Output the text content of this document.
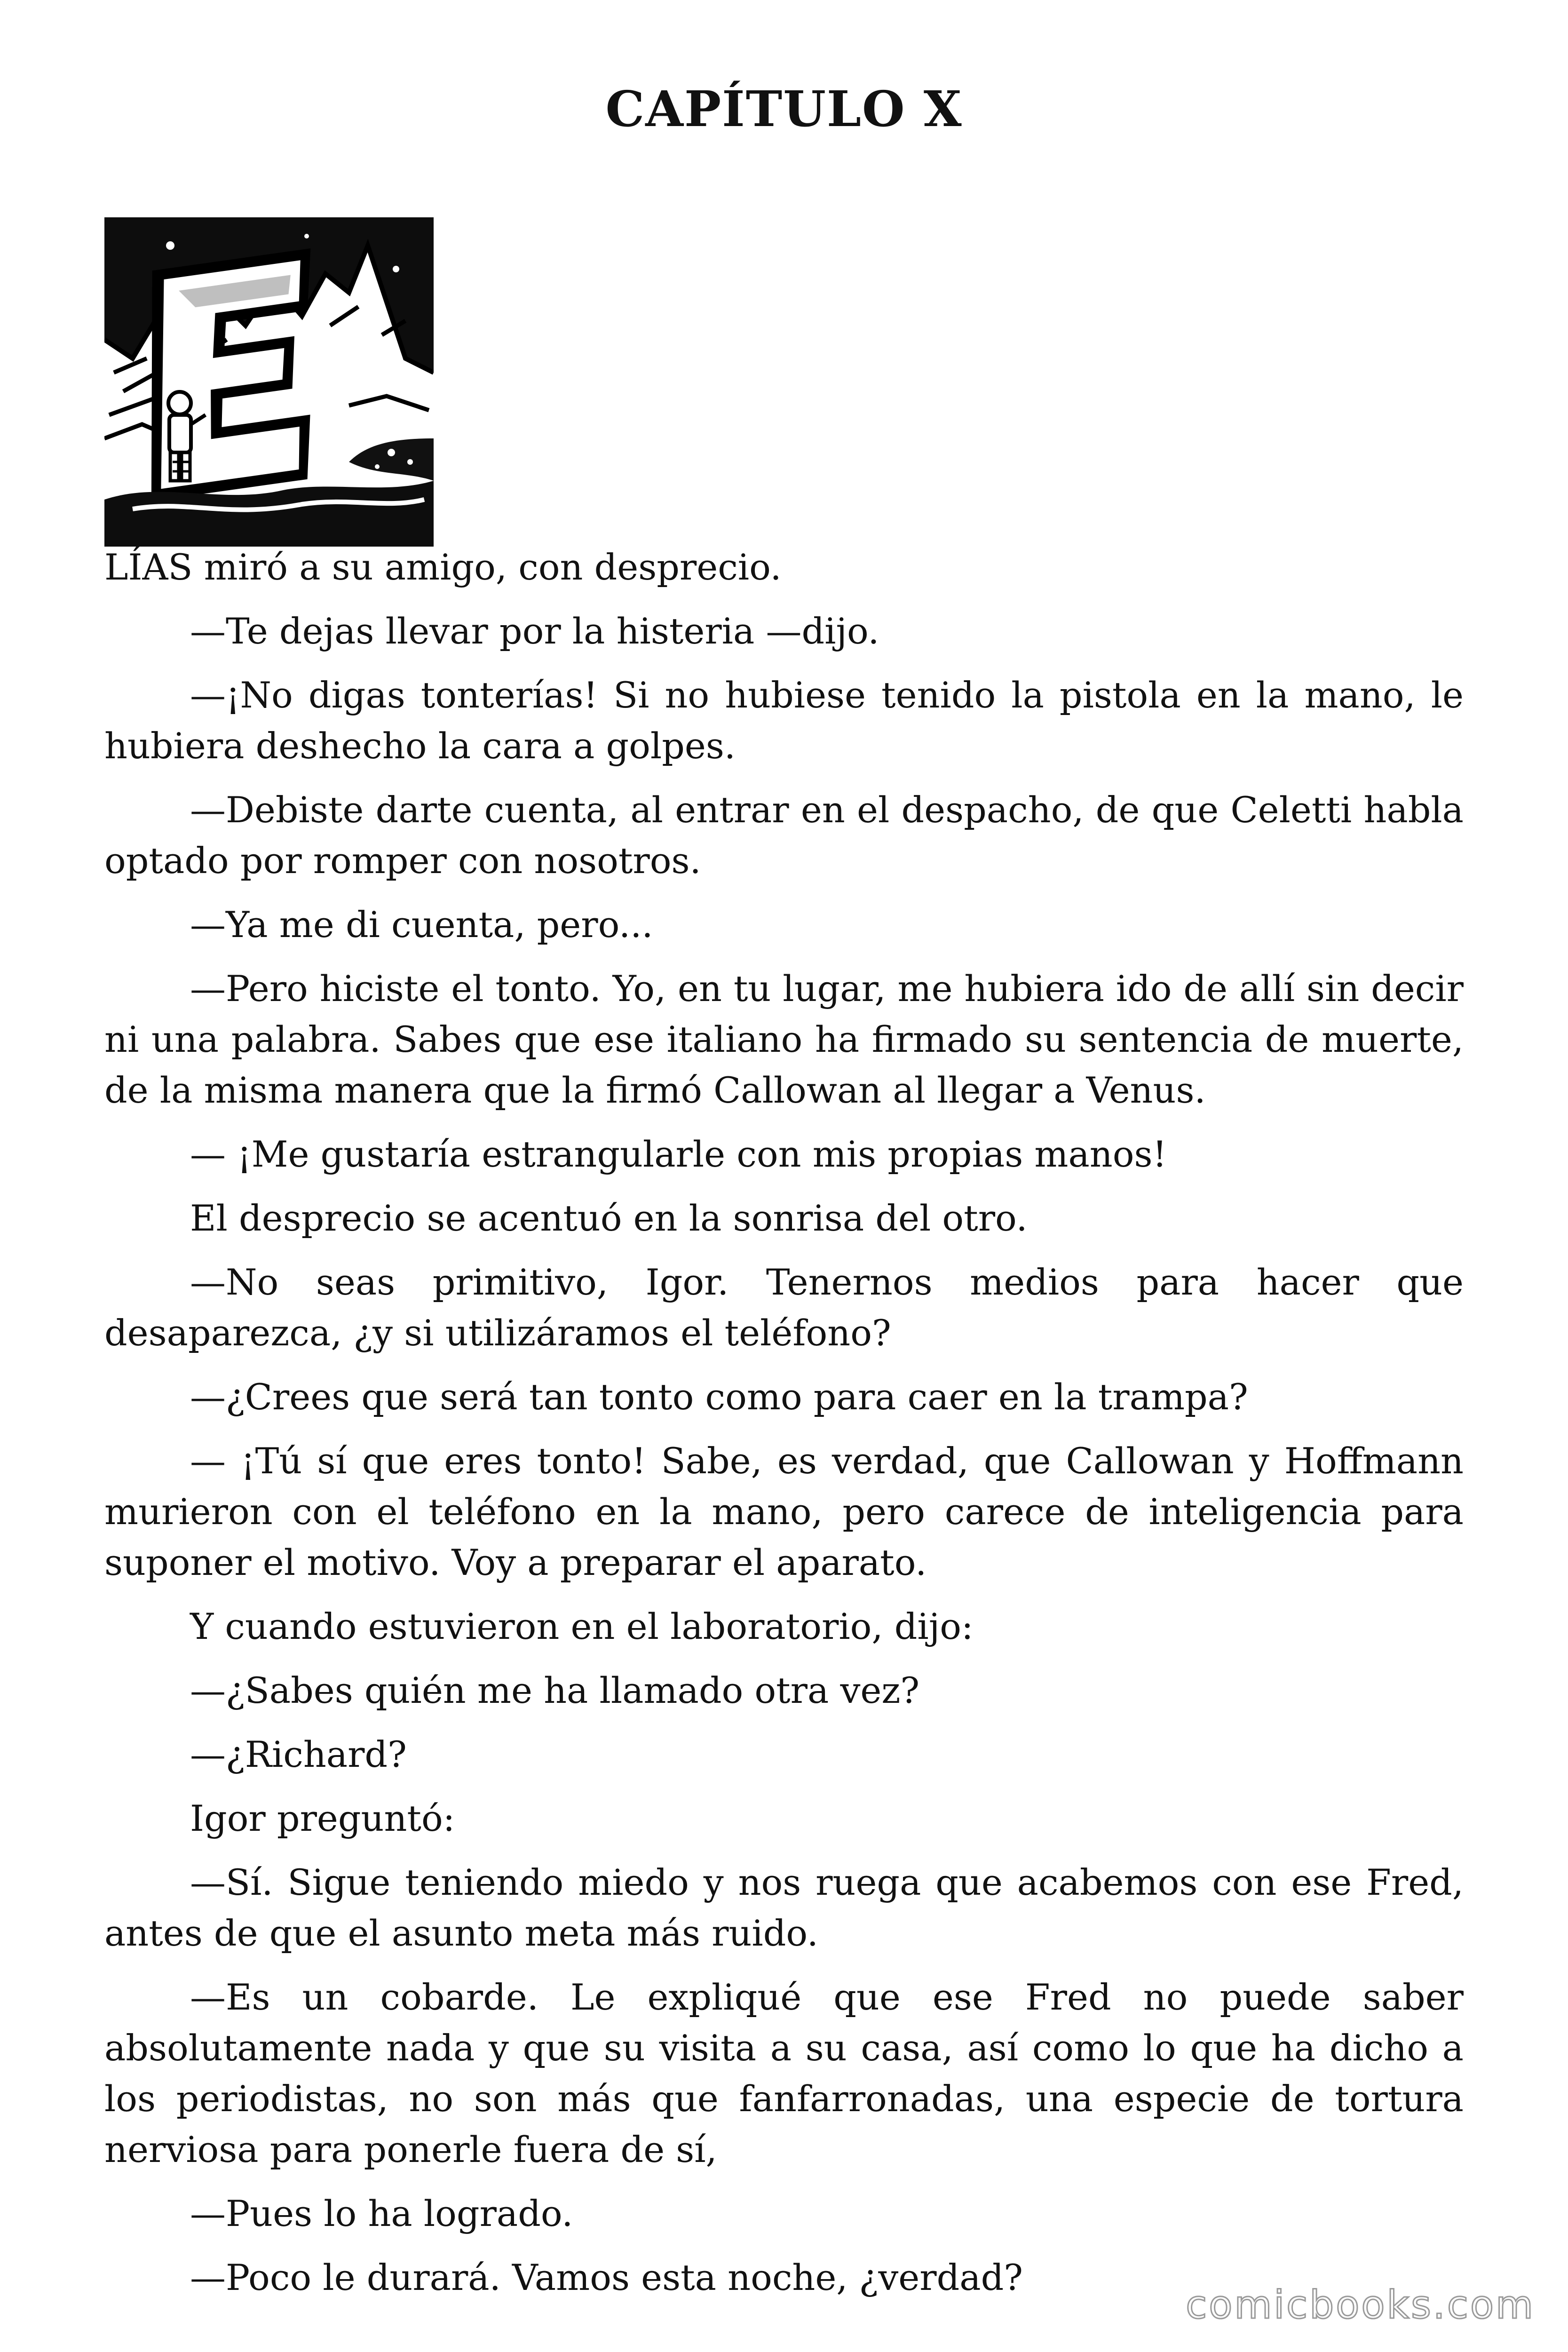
CAPÍTULO X

LÍAS miró a su amigo, con desprecio.

—Te dejas llevar por la histeria —dijo.

—¡No digas tonterías! Si no hubiese tenido la pistola en la mano, le hubiera deshecho la cara a golpes.

—Debiste darte cuenta, al entrar en el despacho, de que Celetti habla optado por romper con nosotros.

—Ya me di cuenta, pero...

—Pero hiciste el tonto. Yo, en tu lugar, me hubiera ido de allí sin decir ni una palabra. Sabes que ese italiano ha firmado su sentencia de muerte, de la misma manera que la firmó Callowan al llegar a Venus.

— ¡Me gustaría estrangularle con mis propias manos!

El desprecio se acentuó en la sonrisa del otro.

—No seas primitivo, Igor. Tenernos medios para hacer que desaparezca, ¿y si utilizáramos el teléfono?

—¿Crees que será tan tonto como para caer en la trampa?

— ¡Tú sí que eres tonto! Sabe, es verdad, que Callowan y Hoffmann murieron con el teléfono en la mano, pero carece de inteligencia para suponer el motivo. Voy a preparar el aparato.

Y cuando estuvieron en el laboratorio, dijo:

—¿Sabes quién me ha llamado otra vez?

—¿Richard?

Igor preguntó:

—Sí. Sigue teniendo miedo y nos ruega que acabemos con ese Fred, antes de que el asunto meta más ruido.

—Es un cobarde. Le expliqué que ese Fred no puede saber absolutamente nada y que su visita a su casa, así como lo que ha dicho a los periodistas, no son más que fanfarronadas, una especie de tortura nerviosa para ponerle fuera de sí,

—Pues lo ha logrado.

—Poco le durará. Vamos esta noche, ¿verdad?

comicbooks.com
